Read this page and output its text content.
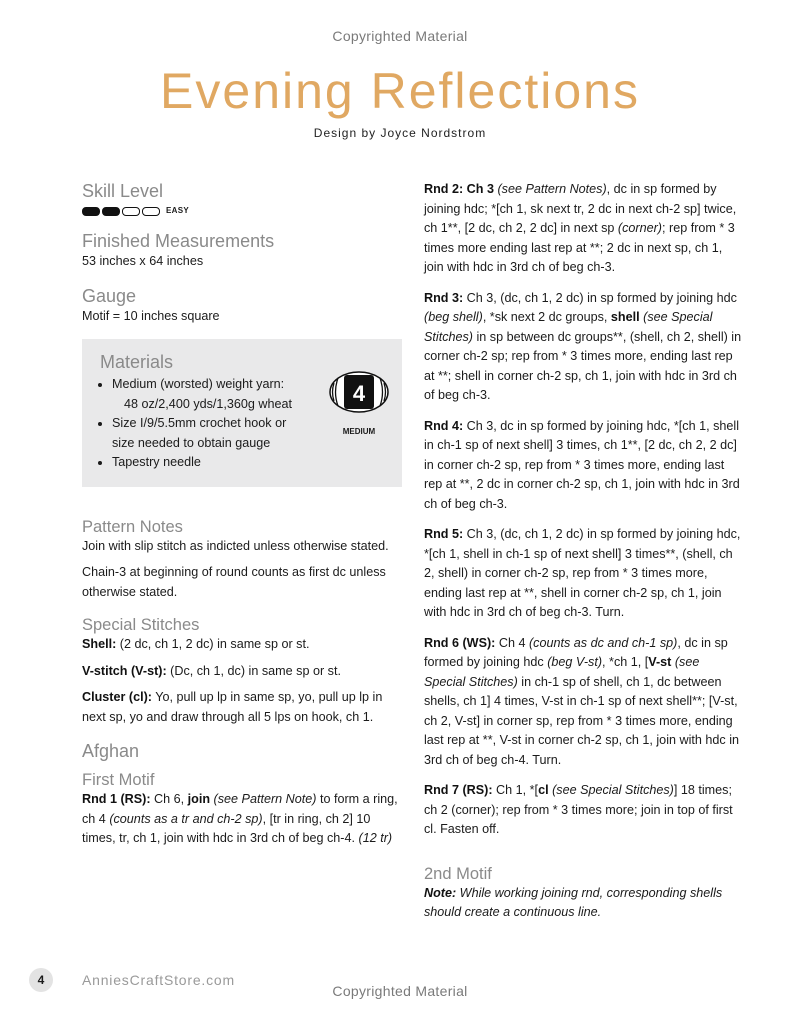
Copyrighted Material
Evening Reflections
Design by Joyce Nordstrom
Skill Level
EASY
Finished Measurements

53 inches x 64 inches

Gauge

Motif = 10 inches square

Materials
• Medium (worsted) weight yarn:
48 oz/2,400 yds/1,360g wheat
• Size I/9/5.5mm crochet hook or
size needed to obtain gauge
• Tapestry needle
4
MEDIUM
Pattern Notes

Join with slip stitch as indicted unless otherwise stated.

Chain-3 at beginning of round counts as first dc unless otherwise stated.

Special Stitches

Shell: (2 dc, ch 1, 2 dc) in same sp or st.

V-stitch (V-st): (Dc, ch 1, dc) in same sp or st.

Cluster (cl): Yo, pull up lp in same sp, yo, pull up lp in next sp, yo and draw through all 5 lps on hook, ch 1.

Afghan
First Motif

Rnd 1 (RS): Ch 6, join (see Pattern Note) to form a ring, ch 4 (counts as a tr and ch-2 sp), [tr in ring, ch 2] 10 times, tr, ch 1, join with hdc in 3rd ch of beg ch-4. (12 tr)

Rnd 2: Ch 3 (see Pattern Notes), dc in sp formed by joining hdc; *[ch 1, sk next tr, 2 dc in next ch-2 sp] twice, ch 1**, [2 dc, ch 2, 2 dc] in next sp (corner); rep from * 3 times more ending last rep at **; 2 dc in next sp, ch 1, join with hdc in 3rd ch of beg ch-3.

Rnd 3: Ch 3, (dc, ch 1, 2 dc) in sp formed by joining hdc (beg shell), *sk next 2 dc groups, shell (see Special Stitches) in sp between dc groups**, (shell, ch 2, shell) in corner ch-2 sp; rep from * 3 times more, ending last rep at **; shell in corner ch-2 sp, ch 1, join with hdc in 3rd ch of beg ch-3.

Rnd 4: Ch 3, dc in sp formed by joining hdc, *[ch 1, shell in ch-1 sp of next shell] 3 times, ch 1**, [2 dc, ch 2, 2 dc] in corner ch-2 sp, rep from * 3 times more, ending last rep at **, 2 dc in corner ch-2 sp, ch 1, join with hdc in 3rd ch of beg ch-3.

Rnd 5: Ch 3, (dc, ch 1, 2 dc) in sp formed by joining hdc, *[ch 1, shell in ch-1 sp of next shell] 3 times**, (shell, ch 2, shell) in corner ch-2 sp, rep from * 3 times more, ending last rep at **, shell in corner ch-2 sp, ch 1, join with hdc in 3rd ch of beg ch-3. Turn.

Rnd 6 (WS): Ch 4 (counts as dc and ch-1 sp), dc in sp formed by joining hdc (beg V-st), *ch 1, [V-st (see Special Stitches) in ch-1 sp of shell, ch 1, dc between shells, ch 1] 4 times, V-st in ch-1 sp of next shell**; [V-st, ch 2, V-st] in corner sp, rep from * 3 times more, ending last rep at **, V-st in corner ch-2 sp, ch 1, join with hdc in 3rd ch of beg ch-4. Turn.

Rnd 7 (RS): Ch 1, *[cl (see Special Stitches)] 18 times; ch 2 (corner); rep from * 3 times more; join in top of first cl. Fasten off.

2nd Motif

Note: While working joining rnd, corresponding shells should create a continuous line.

4	AnniesCraftStore.com
Copyrighted Material
